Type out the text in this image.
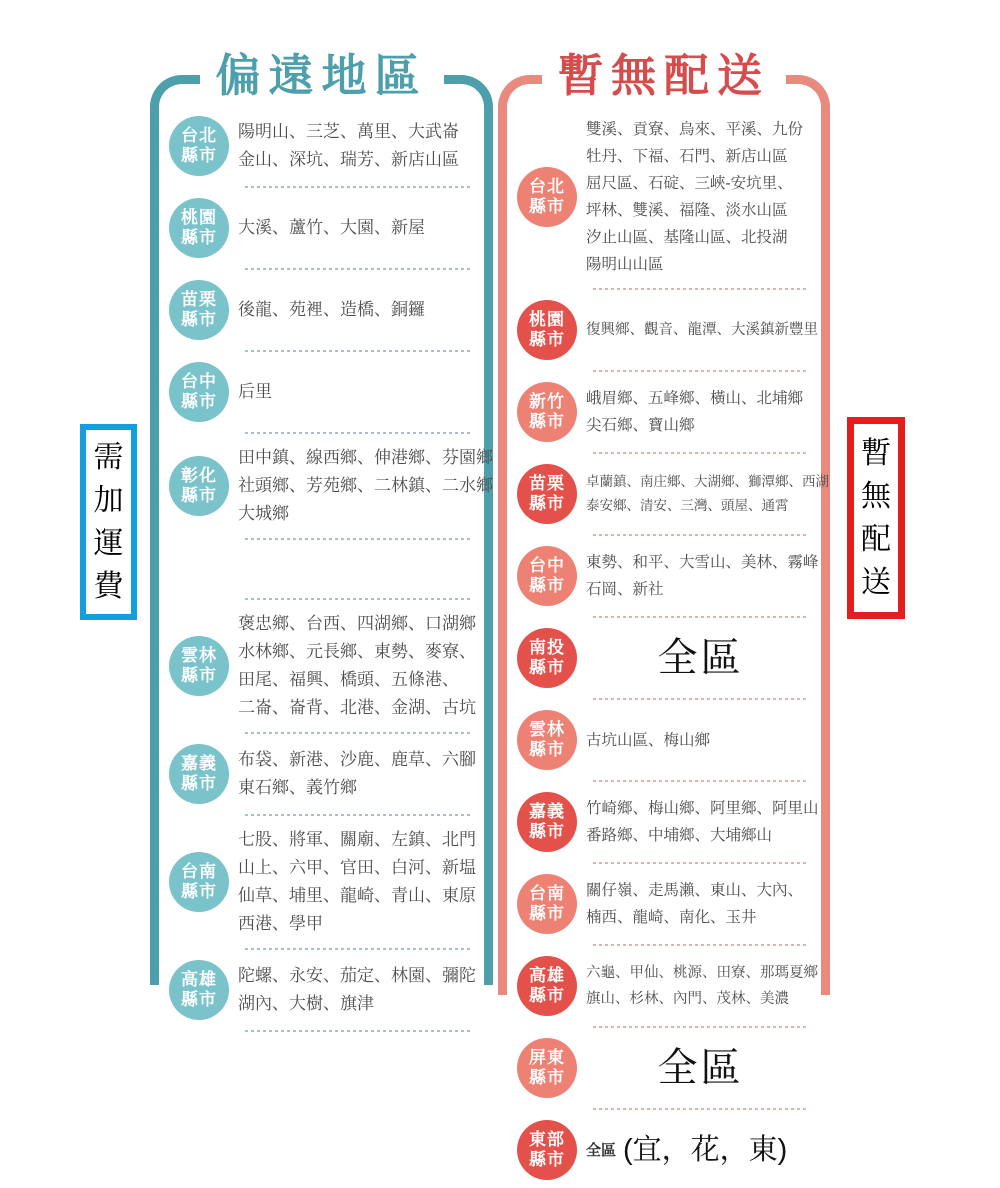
偏遠地區
台北
縣市
陽明山、三芝、萬里、大武崙
金山、深坑、瑞芳、新店山區
桃園
縣市
大溪、蘆竹、大園、新屋
苗栗
縣市
後龍、苑裡、造橋、銅鑼
台中
縣市
后里
彰化
縣市
田中鎮、線西鄉、伸港鄉、芬園鄉
社頭鄉、芳苑鄉、二林鎮、二水鄉
大城鄉
雲林
縣市
褒忠鄉、台西、四湖鄉、口湖鄉
水林鄉、元長鄉、東勢、麥寮、
田尾、福興、橋頭、五條港、
二崙、崙背、北港、金湖、古坑
嘉義
縣市
布袋、新港、沙鹿、鹿草、六腳
東石鄉、義竹鄉
台南
縣市
七股、將軍、關廟、左鎮、北門
山上、六甲、官田、白河、新塭
仙草、埔里、龍崎、青山、東原
西港、學甲
高雄
縣市
陀螺、永安、茄定、林園、彌陀
湖內、大樹、旗津
暫無配送
台北
縣市
雙溪、貢寮、烏來、平溪、九份
牡丹、下福、石門、新店山區
屈尺區、石碇、三峽-安坑里、
坪林、雙溪、福隆、淡水山區
汐止山區、基隆山區、北投湖
陽明山山區
桃園
縣市 復興鄉、觀音、龍潭、大溪鎮新豐里
新竹
縣市
峨眉鄉、五峰鄉、橫山、北埔鄉
尖石鄉、寶山鄉
苗栗
縣市
卓蘭鎮、南庄鄉、大湖鄉、獅潭鄉、西湖
泰安鄉、清安、三灣、頭屋、通霄
台中
縣市
東勢、和平、大雪山、美林、霧峰
石岡、新社
南投
縣市 全區
雲林
縣市 古坑山區、梅山鄉
嘉義
縣市
竹崎鄉、梅山鄉、阿里鄉、阿里山
番路鄉、中埔鄉、大埔鄉山
台南
縣市
關仔嶺、走馬瀨、東山、大內、
楠西、龍崎、南化、玉井
高雄
縣市
六龜、甲仙、桃源、田寮、那瑪夏鄉
旗山、杉林、內門、茂林、美濃
屏東
縣市 全區
東部
縣市 全區 (宜，花，東)
需
加
運
費
暫
無
配
送
